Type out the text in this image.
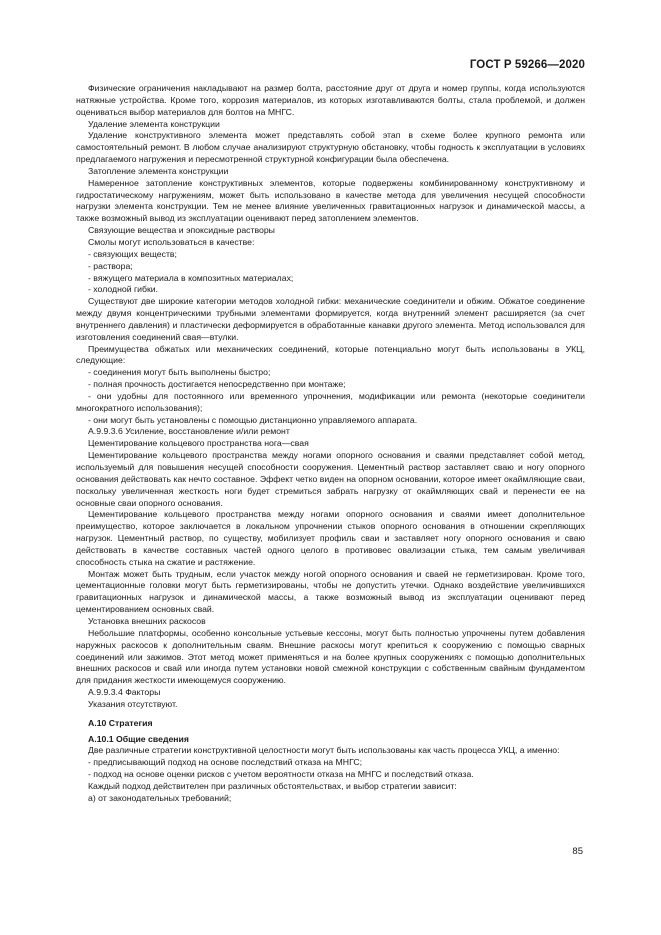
ГОСТ Р 59266—2020

Физические ограничения накладывают на размер болта, расстояние друг от друга и номер группы, когда используются натяжные устройства. Кроме того, коррозия материалов, из которых изготавливаются болты, стала проблемой, и должен оцениваться выбор материалов для болтов на МНГС.

Удаление элемента конструкции

Удаление конструктивного элемента может представлять собой этап в схеме более крупного ремонта или самостоятельный ремонт. В любом случае анализируют структурную обстановку, чтобы годность к эксплуатации в условиях предлагаемого нагружения и пересмотренной структурной конфигурации была обеспечена.

Затопление элемента конструкции

Намеренное затопление конструктивных элементов, которые подвержены комбинированному конструктивному и гидростатическому нагружениям, может быть использовано в качестве метода для увеличения несущей способности нагрузки элемента конструкции. Тем не менее влияние увеличенных гравитационных нагрузок и динамической массы, а также возможный вывод из эксплуатации оценивают перед затоплением элементов.

Связующие вещества и эпоксидные растворы

Смолы могут использоваться в качестве:

- связующих веществ;

- раствора;

- вяжущего материала в композитных материалах;

- холодной гибки.

Существуют две широкие категории методов холодной гибки: механические соединители и обжим. Обжатое соединение между двумя концентрическими трубными элементами формируется, когда внутренний элемент расширяется (за счет внутреннего давления) и пластически деформируется в обработанные канавки другого элемента. Метод использовался для изготовления соединений свая—втулки.

Преимущества обжатых или механических соединений, которые потенциально могут быть использованы в УКЦ, следующие:

- соединения могут быть выполнены быстро;

- полная прочность достигается непосредственно при монтаже;

- они удобны для постоянного или временного упрочнения, модификации или ремонта (некоторые соединители многократного использования);

- они могут быть установлены с помощью дистанционно управляемого аппарата.

А.9.9.3.6 Усиление, восстановление и/или ремонт

Цементирование кольцевого пространства нога—свая

Цементирование кольцевого пространства между ногами опорного основания и сваями представляет собой метод, используемый для повышения несущей способности сооружения. Цементный раствор заставляет сваю и ногу опорного основания действовать как нечто составное. Эффект четко виден на опорном основании, которое имеет окаймляющие сваи, поскольку увеличенная жесткость ноги будет стремиться забрать нагрузку от окаймляющих свай и перенести ее на основные сваи опорного основания.

Цементирование кольцевого пространства между ногами опорного основания и сваями имеет дополнительное преимущество, которое заключается в локальном упрочнении стыков опорного основания в отношении скрепляющих нагрузок. Цементный раствор, по существу, мобилизует профиль сваи и заставляет ногу опорного основания и сваю действовать в качестве составных частей одного целого в противовес овализации стыка, тем самым увеличивая способность стыка на сжатие и растяжение.

Монтаж может быть трудным, если участок между ногой опорного основания и сваей не герметизирован. Кроме того, цементационные головки могут быть герметизированы, чтобы не допустить утечки. Однако воздействие увеличившихся гравитационных нагрузок и динамической массы, а также возможный вывод из эксплуатации оценивают перед цементированием основных свай.

Установка внешних раскосов

Небольшие платформы, особенно консольные устьевые кессоны, могут быть полностью упрочнены путем добавления наружных раскосов к дополнительным сваям. Внешние раскосы могут крепиться к сооружению с помощью сварных соединений или зажимов. Этот метод может применяться и на более крупных сооружениях с помощью дополнительных внешних раскосов и свай или иногда путем установки новой смежной конструкции с собственным свайным фундаментом для придания жесткости имеющемуся сооружению.

А.9.9.3.4 Факторы

Указания отсутствуют.

А.10 Стратегия

А.10.1 Общие сведения

Две различные стратегии конструктивной целостности могут быть использованы как часть процесса УКЦ, а именно:

- предписывающий подход на основе последствий отказа на МНГС;

- подход на основе оценки рисков с учетом вероятности отказа на МНГС и последствий отказа.

Каждый подход действителен при различных обстоятельствах, и выбор стратегии зависит:

а) от законодательных требований;

85
